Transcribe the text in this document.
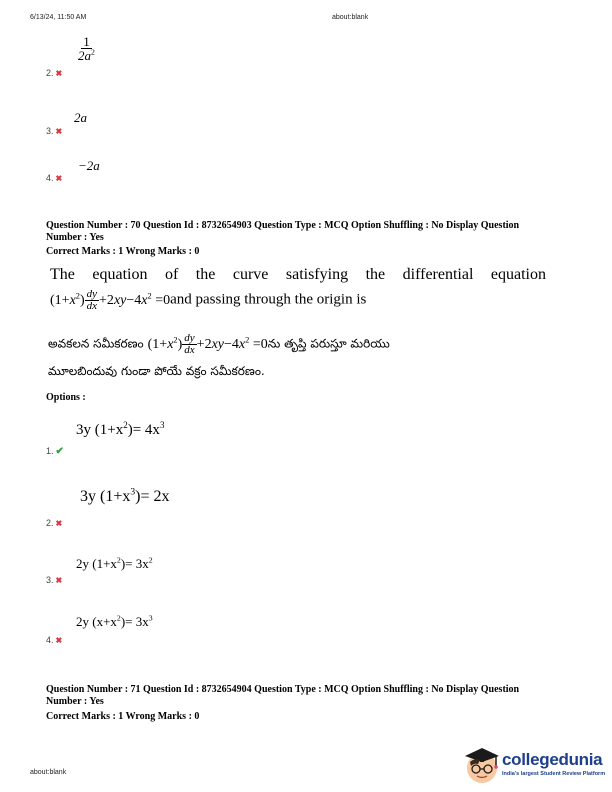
6/13/24, 11:50 AM	about:blank
$\frac{1}{2a^2}$
2. ✖
2a
3. ✖
−2a
4. ✖
Question Number : 70 Question Id : 8732654903 Question Type : MCQ Option Shuffling : No Display Question
Number : Yes
Correct Marks : 1 Wrong Marks : 0
The equation of the curve satisfying the differential equation
$(1+x^2) \frac{dy}{dx} +2xy-4x^2 =0and$ passing through the origin is
అవకలన సమీకరణం $(1+x^2) \frac{dy}{dx} +2xy-4x^2$ =0ను తృప్తి పరుస్తూ మరియు
మూలబిందువు గుండా పోయే వక్రం సమీకరణం.
Options :
3y $(1+x^2)= 4x^3$
1. ✔
3y $(1+x^3)= 2x$
2. ✖
2y $(1+x^2)= 3x^2$
3. ✖
2y $(x+x^2)= 3x^3$
4. ✖
Question Number : 71 Question Id : 8732654904 Question Type : MCQ Option Shuffling : No Display Question
Number : Yes
Correct Marks : 1 Wrong Marks : 0
about:blank
collegedunia
India's largest Student Review Platform
